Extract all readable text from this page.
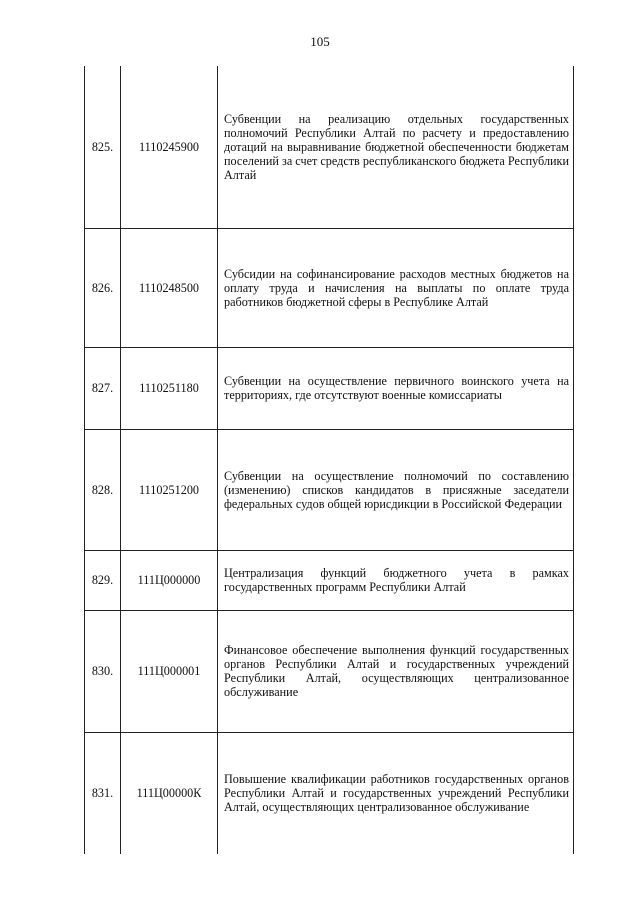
105
825.	1110245900	Субвенции на реализацию отдельных государственных полномочий Республики Алтай по расчету и предоставлению дотаций на выравнивание бюджетной обеспеченности бюджетам поселений за счет средств республиканского бюджета Республики Алтай

826.	1110248500	Субсидии на софинансирование расходов местных бюджетов на оплату труда и начисления на выплаты по оплате труда работников бюджетной сферы в Республике Алтай

827.	1110251180	Субвенции на осуществление первичного воинского учета на территориях, где отсутствуют военные комиссариаты

828.	1110251200	Субвенции на осуществление полномочий по составлению (изменению) списков кандидатов в присяжные заседатели федеральных судов общей юрисдикции в Российской Федерации

829.	111Ц000000	Централизация функций бюджетного учета в рамках государственных программ Республики Алтай

830.	111Ц000001	Финансовое обеспечение выполнения функций государственных органов Республики Алтай и государственных учреждений Республики Алтай, осуществляющих централизованное обслуживание

831.	111Ц00000К	Повышение квалификации работников государственных органов Республики Алтай и государственных учреждений Республики Алтай, осуществляющих централизованное обслуживание
